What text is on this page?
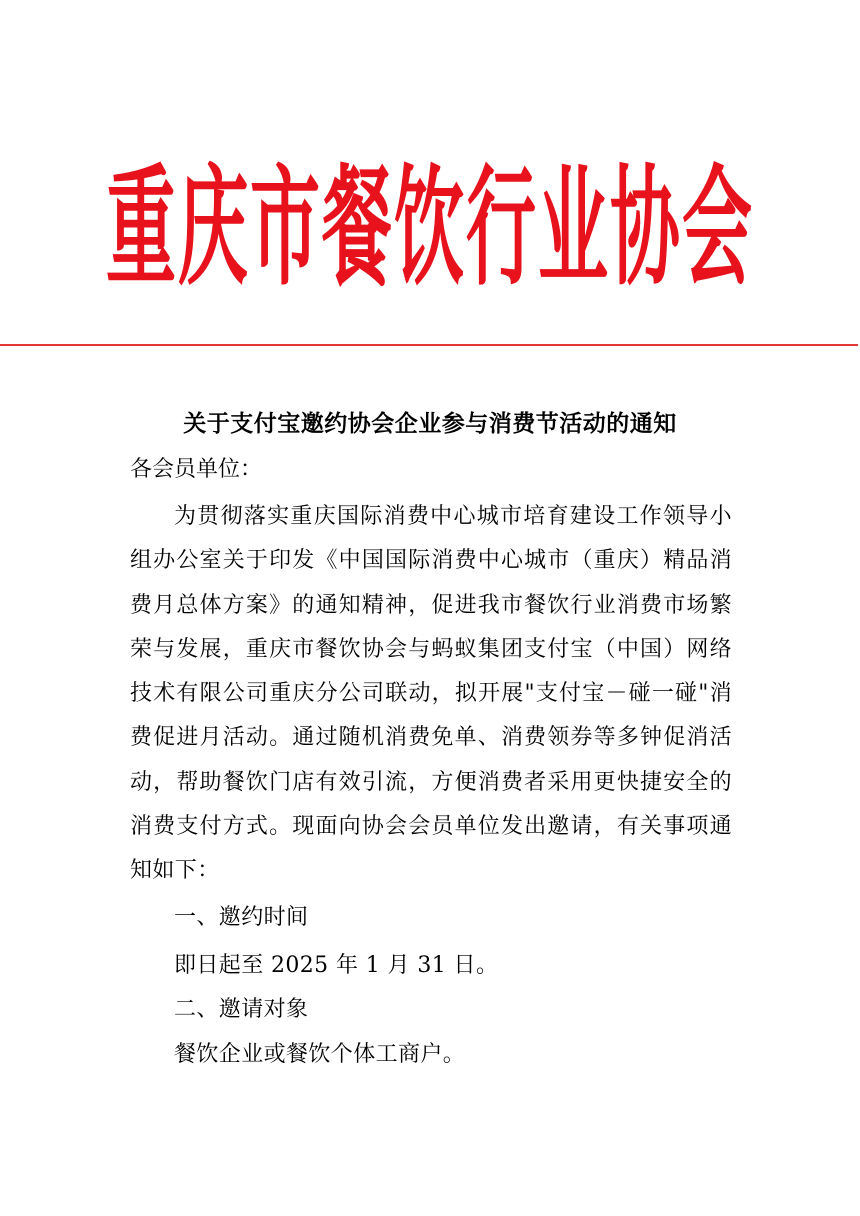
重庆市餐饮行业协会
关于支付宝邀约协会企业参与消费节活动的通知
各会员单位：
为贯彻落实重庆国际消费中心城市培育建设工作领导小组办公室关于印发《中国国际消费中心城市（重庆）精品消费月总体方案》的通知精神，促进我市餐饮行业消费市场繁荣与发展，重庆市餐饮协会与蚂蚁集团支付宝（中国）网络技术有限公司重庆分公司联动，拟开展"支付宝－碰一碰"消费促进月活动。通过随机消费免单、消费领券等多钟促消活动，帮助餐饮门店有效引流，方便消费者采用更快捷安全的消费支付方式。现面向协会会员单位发出邀请，有关事项通知如下：
一、邀约时间
即日起至 2025 年 1 月 31 日。
二、邀请对象
餐饮企业或餐饮个体工商户。
